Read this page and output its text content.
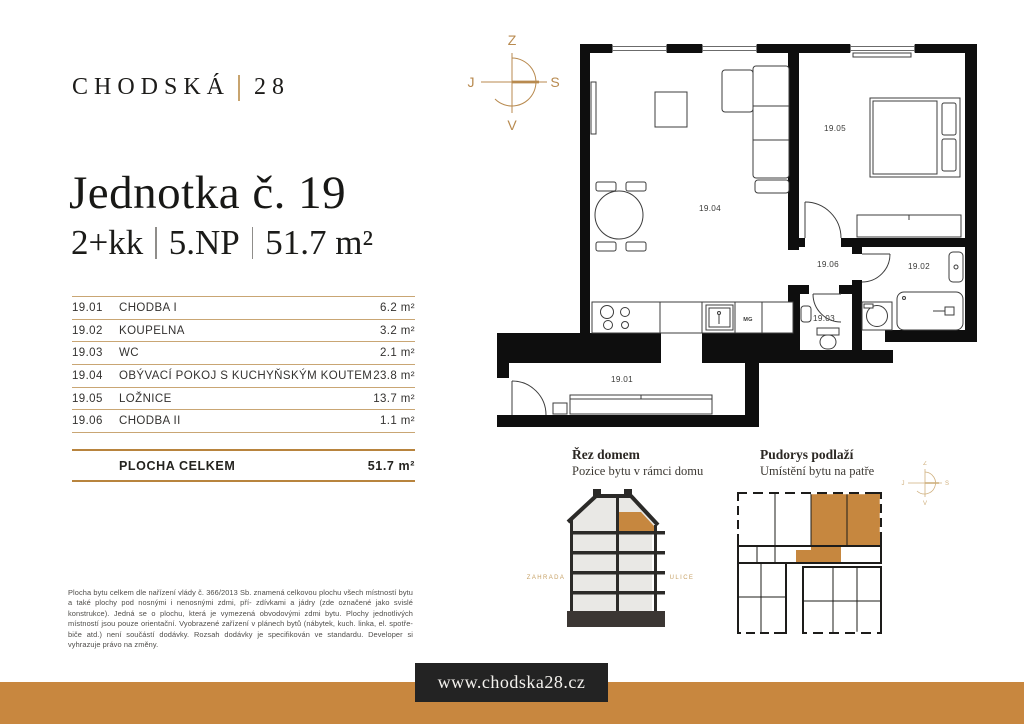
CHODSKÁ 28
Jednotka č. 19
2+kk 5.NP 51.7 m²
19.01	CHODBA I	6.2 m²
19.02	KOUPELNA	3.2 m²
19.03	WC	2.1 m²
19.04	OBÝVACÍ POKOJ S KUCHYŇSKÝM KOUTEM 23.8 m²
19.05	LOŽNICE	13.7 m²
19.06	CHODBA II	1.1 m²
PLOCHA CELKEM	51.7 m²
Plocha bytu celkem dle nařízení vlády č. 366/2013 Sb. znamená celkovou plochu všech místností bytu a také plochy pod nosnými i nenosnými zdmi, pří- zdívkami a jádry (zde označené jako svislé konstrukce). Jedná se o plochu, která je vymezená obvodovými zdmi bytu. Plochy jednotlivých místností jsou pouze orientační. Vyobrazené zařízení v plánech bytů (nábytek, kuch. linka, el. spotře- biče atd.) není součástí dodávky. Rozsah dodávky je specifikován ve standardu. Developer si vyhrazuje právo na změny.
Z
J	S
V
19.04
19.05
19.06	19.02
19.03
19.01
MG
Řez domem
Pozice bytu v rámci domu
ZAHRADA	ULICE
Pudorys podlaží
Umístění bytu na patře	Z
J	S
V
www.chodska28.cz
